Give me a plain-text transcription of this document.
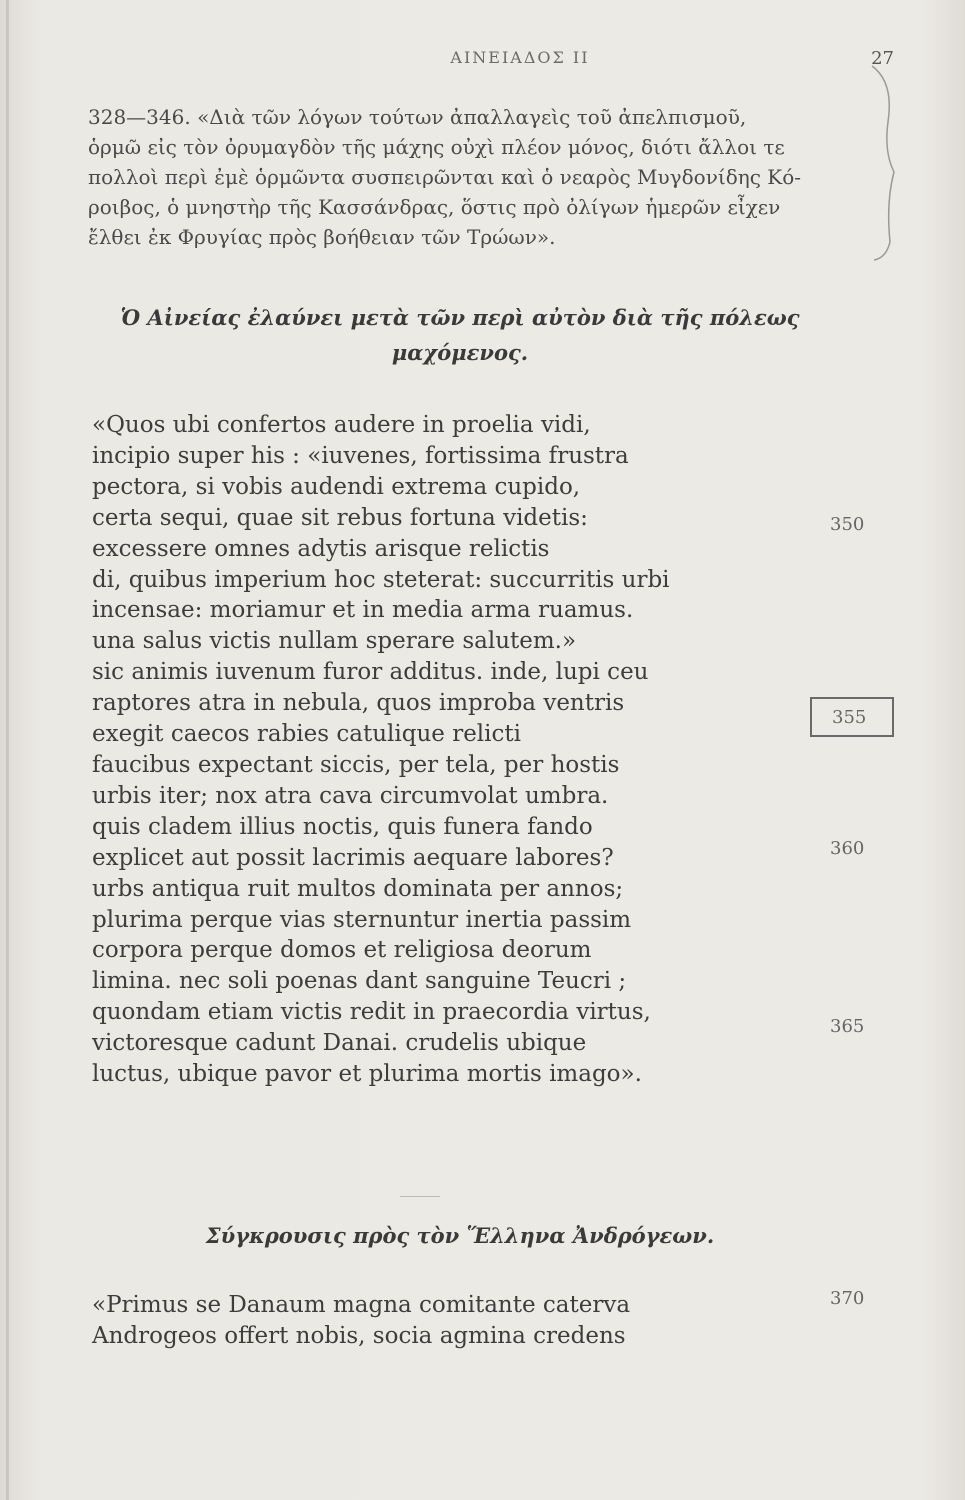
ΑΙΝΕΙΑΔΟΣ II	27
328—346. «Διὰ τῶν λόγων τούτων ἀπαλλαγεὶς τοῦ ἀπελπισμοῦ,
ὁρμῶ εἰς τὸν ὀρυμαγδὸν τῆς μάχης οὐχὶ πλέον μόνος, διότι ἄλλοι τε
πολλοὶ περὶ ἐμὲ ὁρμῶντα συσπειρῶνται καὶ ὁ νεαρὸς Μυγδονίδης Κό-
ροιβος, ὁ μνηστὴρ τῆς Κασσάνδρας, ὅστις πρὸ ὀλίγων ἡμερῶν εἶχεν
ἔλθει ἐκ Φρυγίας πρὸς βοήθειαν τῶν Τρώων».
Ὁ Αἰνείας ἐλαύνει μετὰ τῶν περὶ αὐτὸν διὰ τῆς πόλεως
μαχόμενος.
«Quos ubi confertos audere in proelia vidi,
incipio super his : «iuvenes, fortissima frustra
pectora, si vobis audendi extrema cupido,
certa sequi, quae sit rebus fortuna videtis:
excessere omnes adytis arisque relictis
di, quibus imperium hoc steterat: succurritis urbi
incensae: moriamur et in media arma ruamus.
una salus victis nullam sperare salutem.»
sic animis iuvenum furor additus. inde, lupi ceu
raptores atra in nebula, quos improba ventris
exegit caecos rabies catulique relicti
faucibus expectant siccis, per tela, per hostis
urbis iter; nox atra cava circumvolat umbra.
quis cladem illius noctis, quis funera fando
explicet aut possit lacrimis aequare labores?
urbs antiqua ruit multos dominata per annos;
plurima perque vias sternuntur inertia passim
corpora perque domos et religiosa deorum
limina. nec soli poenas dant sanguine Teucri ;
quondam etiam victis redit in praecordia virtus,
victoresque cadunt Danai. crudelis ubique
luctus, ubique pavor et plurima mortis imago».
350
355
360
365
Σύγκρουσις πρὸς τὸν Ἕλληνα Ἀνδρόγεων.
«Primus se Danaum magna comitante caterva
Androgeos offert nobis, socia agmina credens
370
